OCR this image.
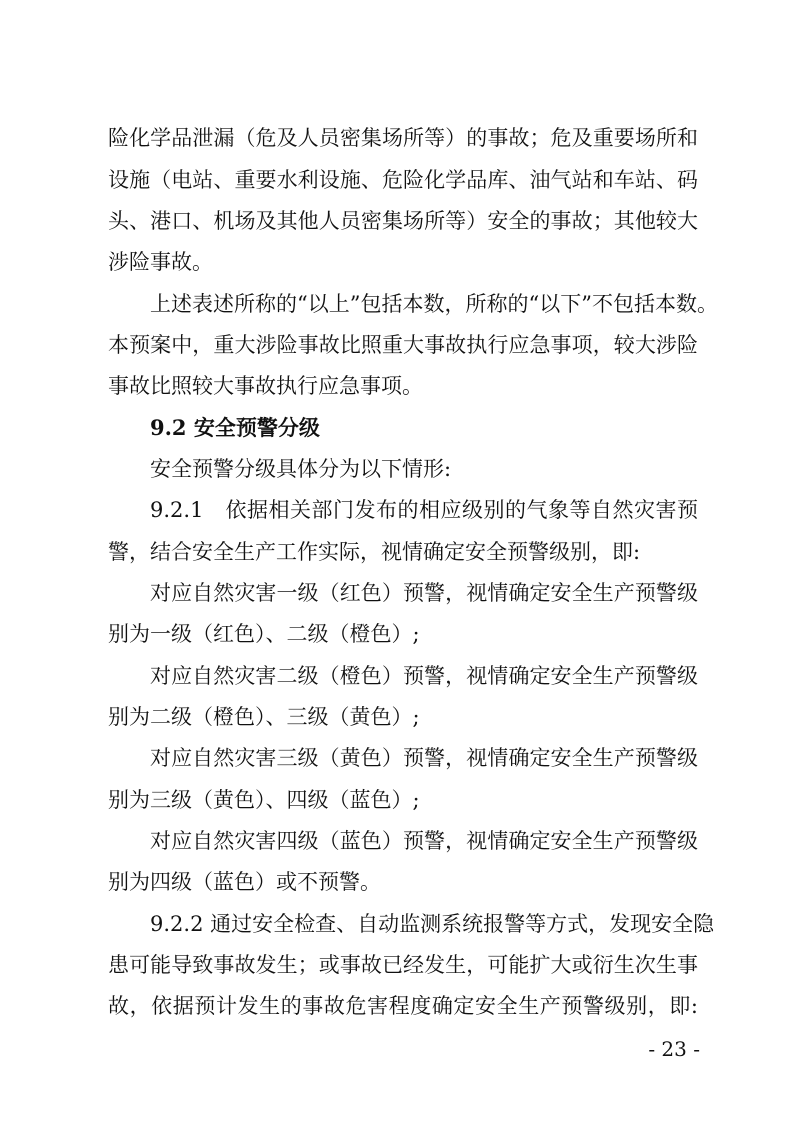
险化学品泄漏（危及人员密集场所等）的事故；危及重要场所和
设施（电站、重要水利设施、危险化学品库、油气站和车站、码
头、港口、机场及其他人员密集场所等）安全的事故；其他较大
涉险事故。
上述表述所称的“以上”包括本数，所称的“以下”不包括本数。
本预案中，重大涉险事故比照重大事故执行应急事项，较大涉险
事故比照较大事故执行应急事项。
9.2 安全预警分级
安全预警分级具体分为以下情形:
9.2.1　依据相关部门发布的相应级别的气象等自然灾害预
警，结合安全生产工作实际，视情确定安全预警级别，即:
对应自然灾害一级（红色）预警，视情确定安全生产预警级
别为一级（红色）、二级（橙色）;
对应自然灾害二级（橙色）预警，视情确定安全生产预警级
别为二级（橙色）、三级（黄色）;
对应自然灾害三级（黄色）预警，视情确定安全生产预警级
别为三级（黄色）、四级（蓝色）;
对应自然灾害四级（蓝色）预警，视情确定安全生产预警级
别为四级（蓝色）或不预警。
9.2.2 通过安全检查、自动监测系统报警等方式，发现安全隐
患可能导致事故发生；或事故已经发生，可能扩大或衍生次生事
故，依据预计发生的事故危害程度确定安全生产预警级别，即:
- 23 -
